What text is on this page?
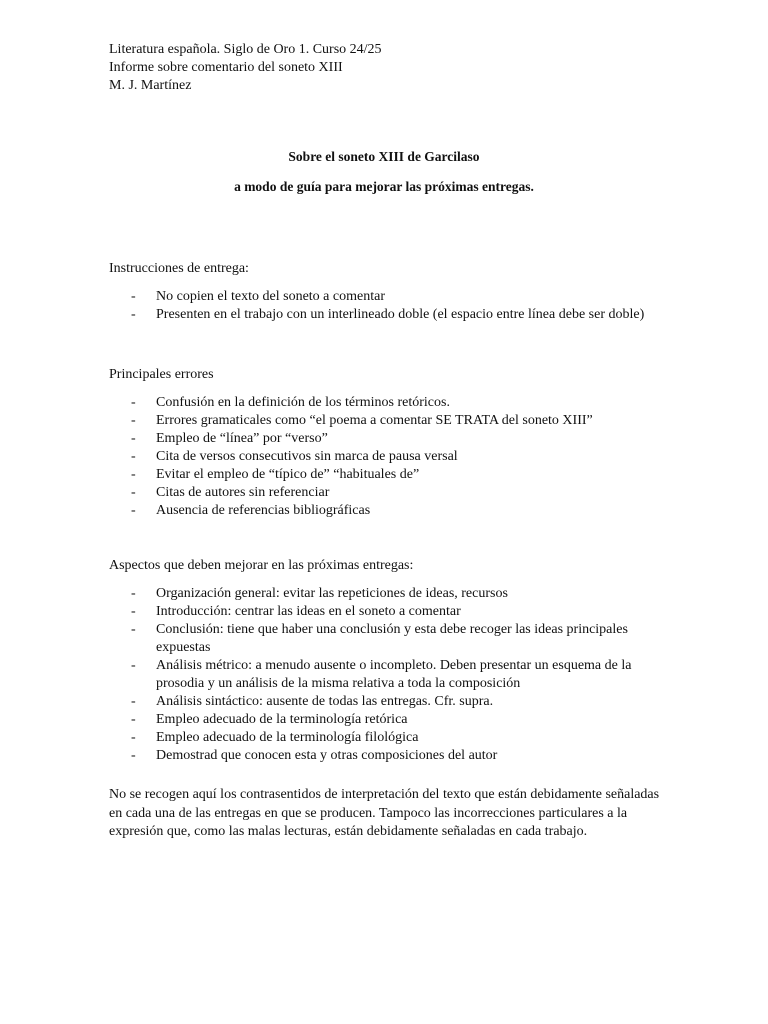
Literatura española. Siglo de Oro 1. Curso 24/25
Informe sobre comentario del soneto XIII
M. J. Martínez
Sobre el soneto XIII de Garcilaso
a modo de guía para mejorar las próximas entregas.
Instrucciones de entrega:
- No copien el texto del soneto a comentar
- Presenten en el trabajo con un interlineado doble (el espacio entre línea debe ser doble)
Principales errores
- Confusión en la definición de los términos retóricos.
- Errores gramaticales como “el poema a comentar SE TRATA del soneto XIII”
- Empleo de “línea” por “verso”
- Cita de versos consecutivos sin marca de pausa versal
- Evitar el empleo de “típico de” “habituales de”
- Citas de autores sin referenciar
- Ausencia de referencias bibliográficas
Aspectos que deben mejorar en las próximas entregas:
- Organización general: evitar las repeticiones de ideas, recursos
- Introducción: centrar las ideas en el soneto a comentar
- Conclusión: tiene que haber una conclusión y esta debe recoger las ideas principales expuestas
- Análisis métrico: a menudo ausente o incompleto. Deben presentar un esquema de la prosodia y un análisis de la misma relativa a toda la composición
- Análisis sintáctico: ausente de todas las entregas. Cfr. supra.
- Empleo adecuado de la terminología retórica
- Empleo adecuado de la terminología filológica
- Demostrad que conocen esta y otras composiciones del autor
No se recogen aquí los contrasentidos de interpretación del texto que están debidamente señaladas en cada una de las entregas en que se producen. Tampoco las incorrecciones particulares a la expresión que, como las malas lecturas, están debidamente señaladas en cada trabajo.
